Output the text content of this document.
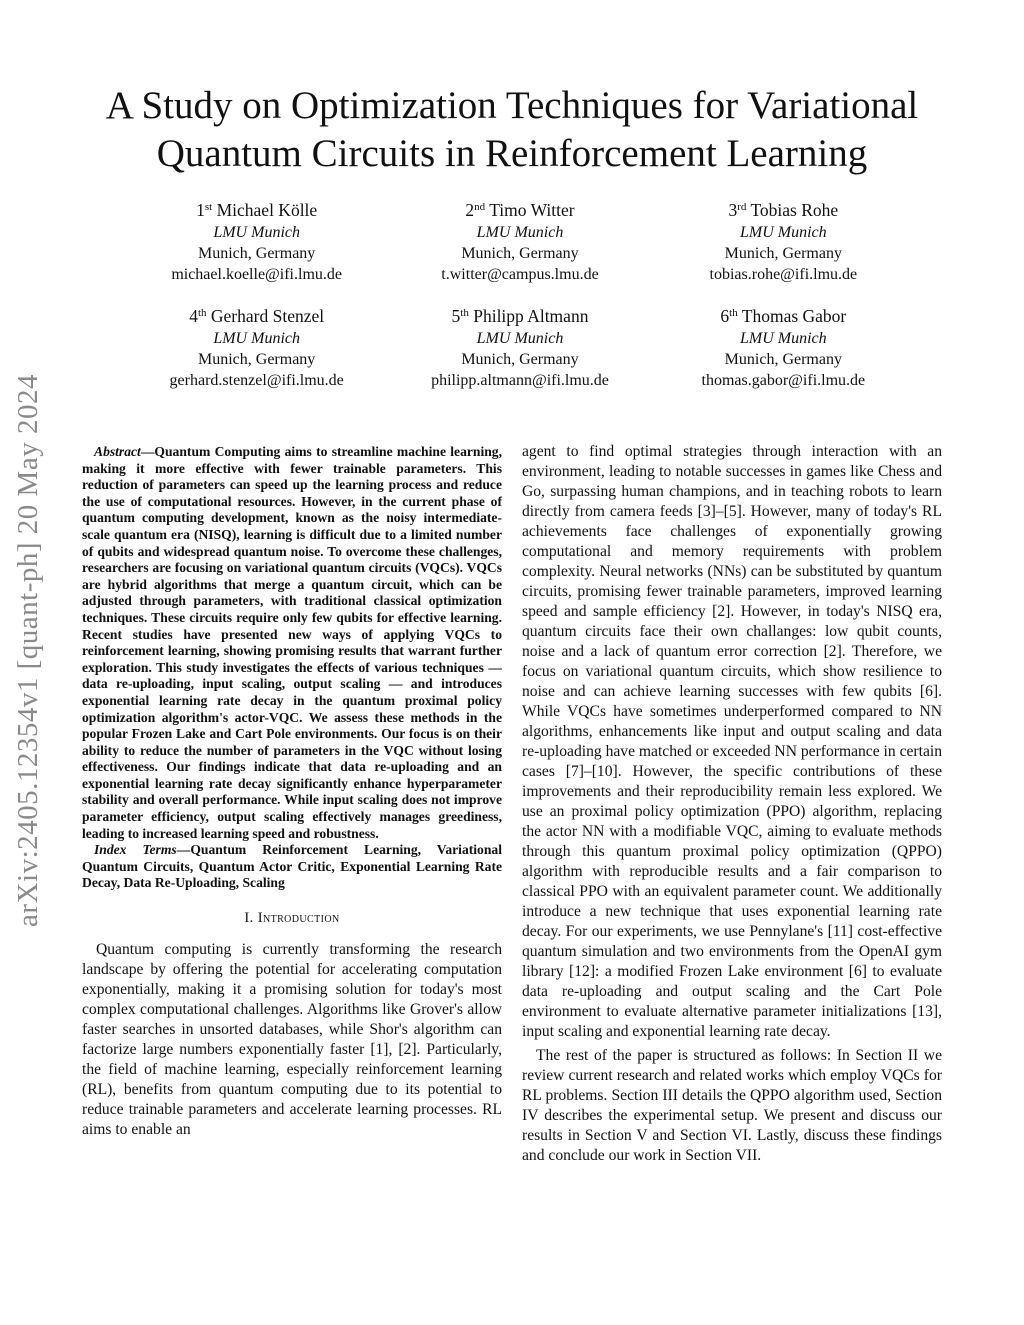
arXiv:2405.12354v1 [quant-ph] 20 May 2024
A Study on Optimization Techniques for Variational
Quantum Circuits in Reinforcement Learning
1st Michael Kölle
LMU Munich
Munich, Germany
michael.koelle@ifi.lmu.de
2nd Timo Witter
LMU Munich
Munich, Germany
t.witter@campus.lmu.de
3rd Tobias Rohe
LMU Munich
Munich, Germany
tobias.rohe@ifi.lmu.de
4th Gerhard Stenzel
LMU Munich
Munich, Germany
gerhard.stenzel@ifi.lmu.de
5th Philipp Altmann
LMU Munich
Munich, Germany
philipp.altmann@ifi.lmu.de
6th Thomas Gabor
LMU Munich
Munich, Germany
thomas.gabor@ifi.lmu.de

Abstract—Quantum Computing aims to streamline machine learning, making it more effective with fewer trainable parameters. This reduction of parameters can speed up the learning process and reduce the use of computational resources. However, in the current phase of quantum computing development, known as the noisy intermediate-scale quantum era (NISQ), learning is difficult due to a limited number of qubits and widespread quantum noise. To overcome these challenges, researchers are focusing on variational quantum circuits (VQCs). VQCs are hybrid algorithms that merge a quantum circuit, which can be adjusted through parameters, with traditional classical optimization techniques. These circuits require only few qubits for effective learning. Recent studies have presented new ways of applying VQCs to reinforcement learning, showing promising results that warrant further exploration. This study investigates the effects of various techniques — data re-uploading, input scaling, output scaling — and introduces exponential learning rate decay in the quantum proximal policy optimization algorithm's actor-VQC. We assess these methods in the popular Frozen Lake and Cart Pole environments. Our focus is on their ability to reduce the number of parameters in the VQC without losing effectiveness. Our findings indicate that data re-uploading and an exponential learning rate decay significantly enhance hyperparameter stability and overall performance. While input scaling does not improve parameter efficiency, output scaling effectively manages greediness, leading to increased learning speed and robustness.

Index Terms—Quantum Reinforcement Learning, Variational Quantum Circuits, Quantum Actor Critic, Exponential Learning Rate Decay, Data Re-Uploading, Scaling

I. Introduction

Quantum computing is currently transforming the research landscape by offering the potential for accelerating computation exponentially, making it a promising solution for today's most complex computational challenges. Algorithms like Grover's allow faster searches in unsorted databases, while Shor's algorithm can factorize large numbers exponentially faster [1], [2]. Particularly, the field of machine learning, especially reinforcement learning (RL), benefits from quantum computing due to its potential to reduce trainable parameters and accelerate learning processes. RL aims to enable an

agent to find optimal strategies through interaction with an environment, leading to notable successes in games like Chess and Go, surpassing human champions, and in teaching robots to learn directly from camera feeds [3]–[5]. However, many of today's RL achievements face challenges of exponentially growing computational and memory requirements with problem complexity. Neural networks (NNs) can be substituted by quantum circuits, promising fewer trainable parameters, improved learning speed and sample efficiency [2]. However, in today's NISQ era, quantum circuits face their own challanges: low qubit counts, noise and a lack of quantum error correction [2]. Therefore, we focus on variational quantum circuits, which show resilience to noise and can achieve learning successes with few qubits [6]. While VQCs have sometimes underperformed compared to NN algorithms, enhancements like input and output scaling and data re-uploading have matched or exceeded NN performance in certain cases [7]–[10]. However, the specific contributions of these improvements and their reproducibility remain less explored. We use an proximal policy optimization (PPO) algorithm, replacing the actor NN with a modifiable VQC, aiming to evaluate methods through this quantum proximal policy optimization (QPPO) algorithm with reproducible results and a fair comparison to classical PPO with an equivalent parameter count. We additionally introduce a new technique that uses exponential learning rate decay. For our experiments, we use Pennylane's [11] cost-effective quantum simulation and two environments from the OpenAI gym library [12]: a modified Frozen Lake environment [6] to evaluate data re-uploading and output scaling and the Cart Pole environment to evaluate alternative parameter initializations [13], input scaling and exponential learning rate decay.

The rest of the paper is structured as follows: In Section II we review current research and related works which employ VQCs for RL problems. Section III details the QPPO algorithm used, Section IV describes the experimental setup. We present and discuss our results in Section V and Section VI. Lastly, discuss these findings and conclude our work in Section VII.
